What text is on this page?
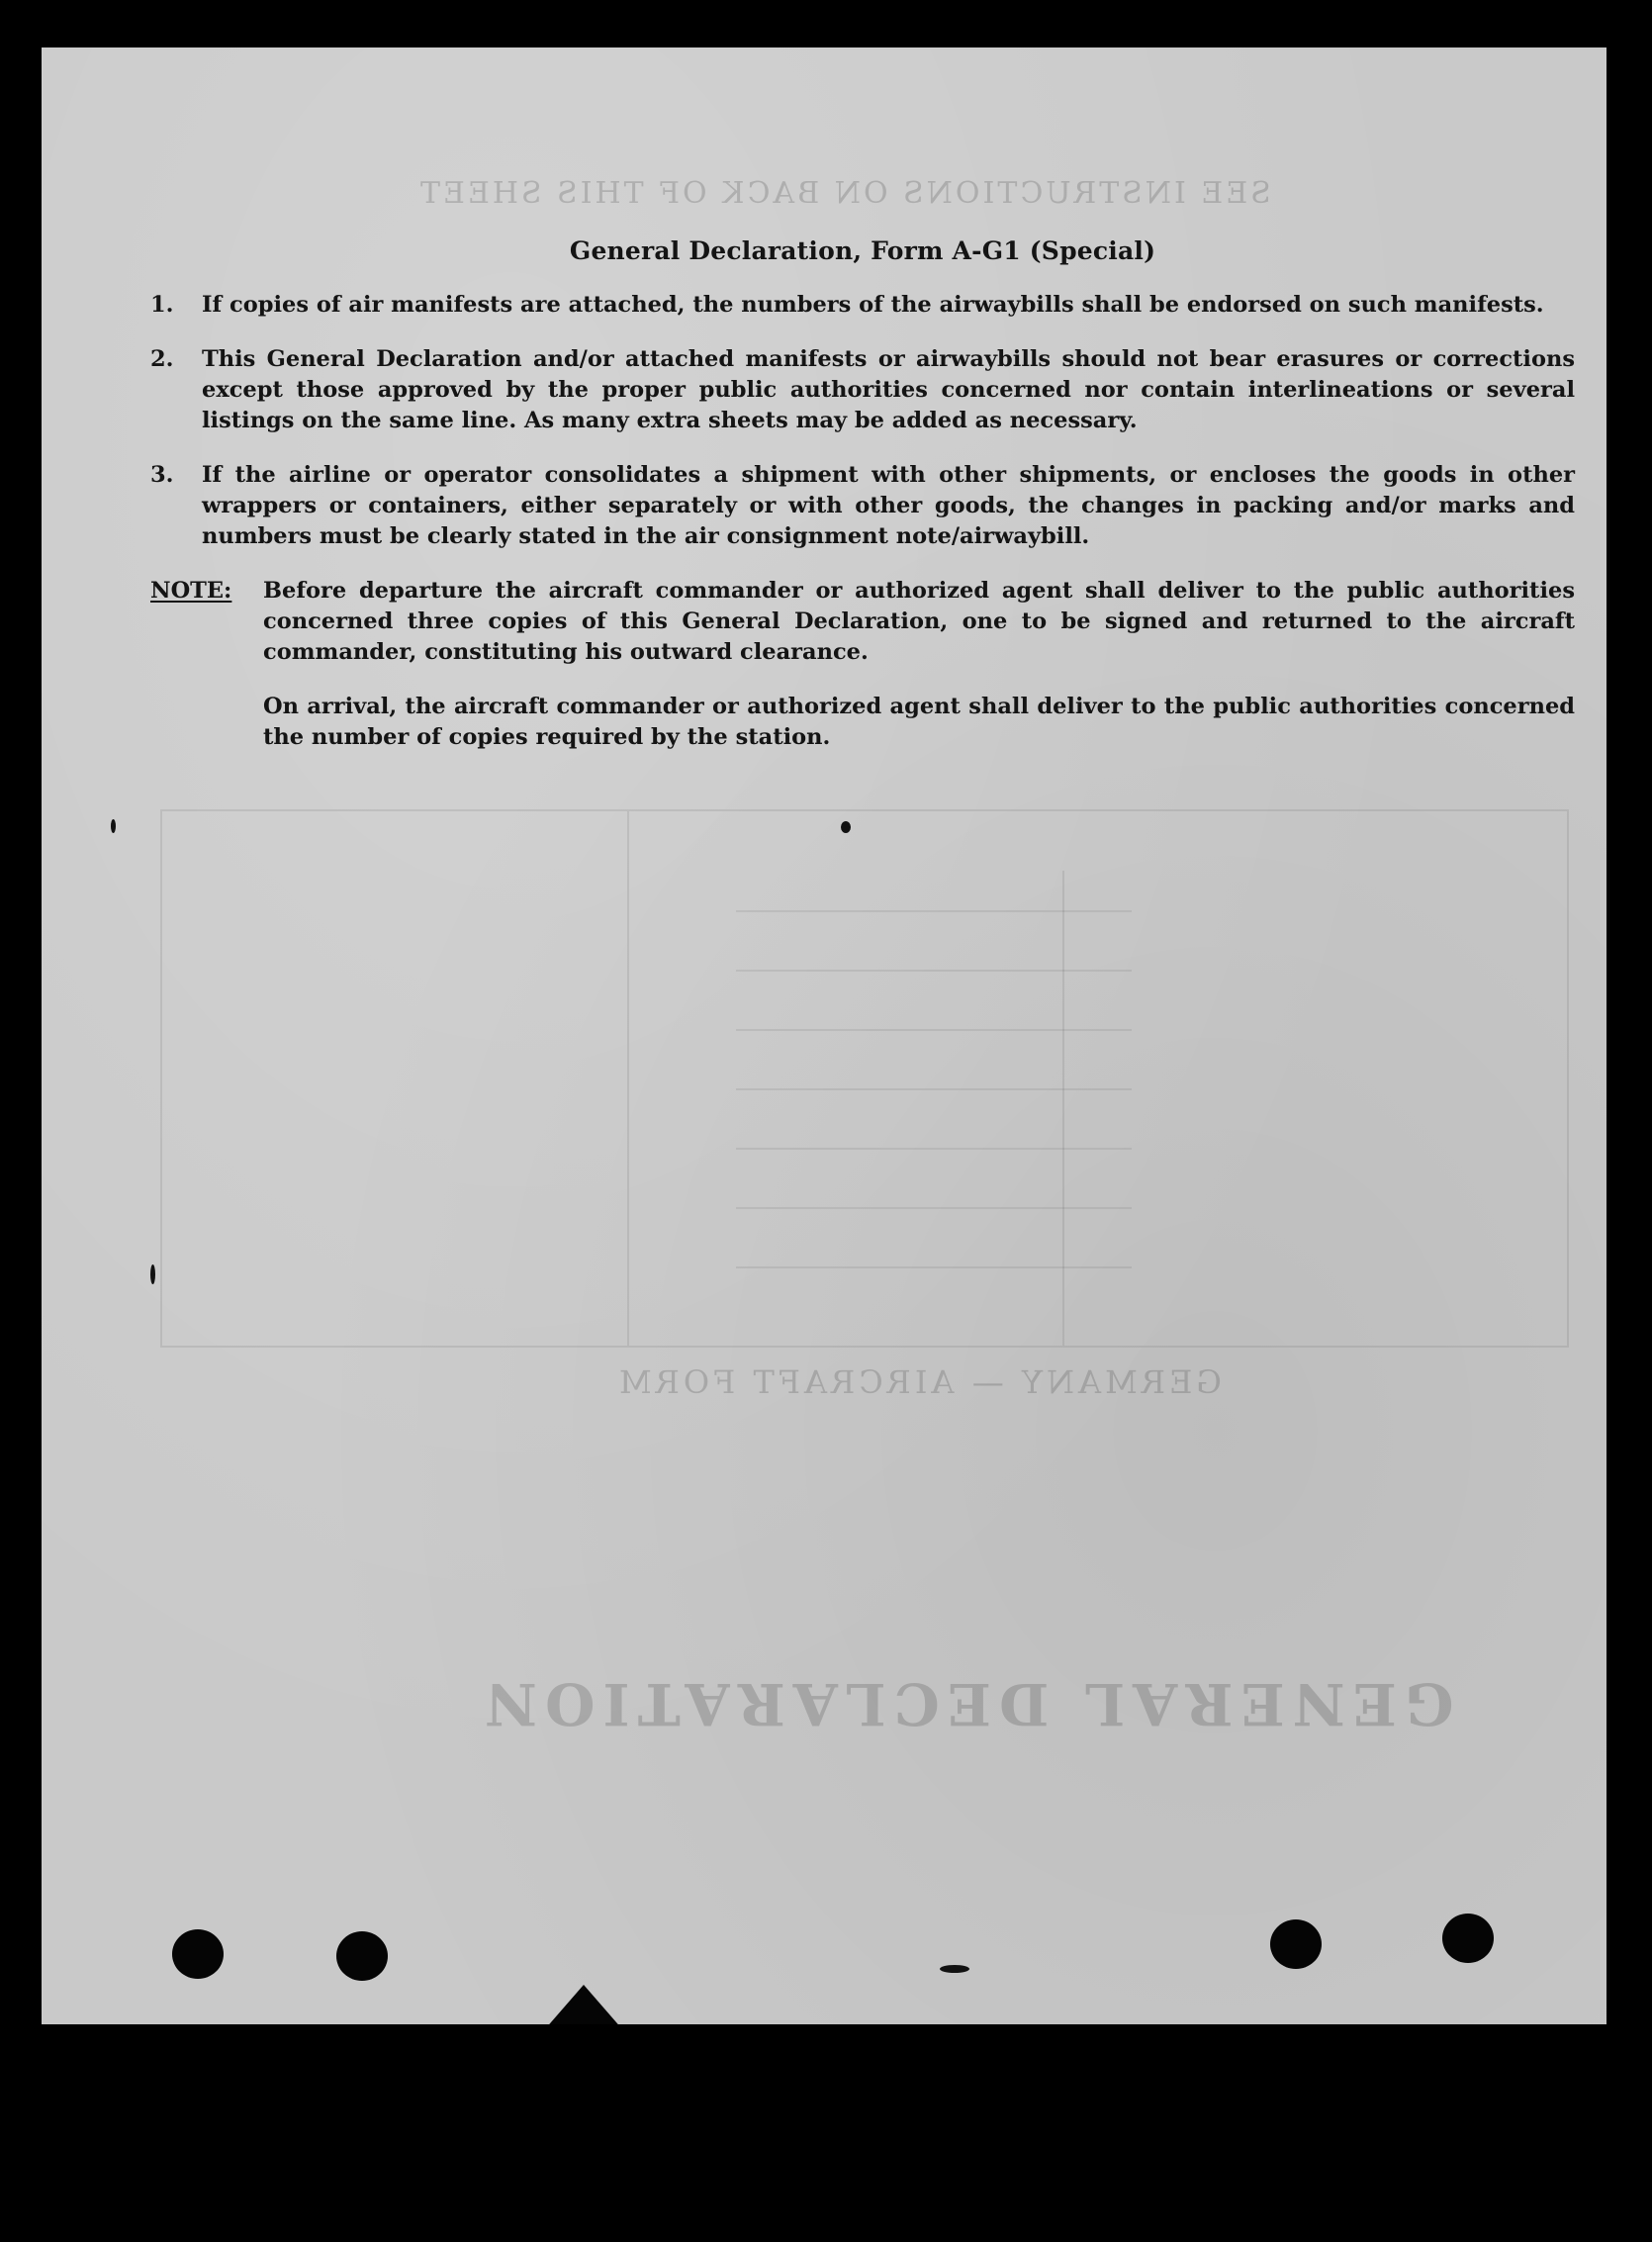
SEE INSTRUCTIONS ON BACK OF THIS SHEET
GERMANY — AIRCRAFT FORM
GENERAL DECLARATION
General Declaration, Form A-G1 (Special)
1. If copies of air manifests are attached, the numbers of the airwaybills shall be endorsed on such manifests.
2. This General Declaration and/or attached manifests or airwaybills should not bear erasures or corrections except those approved by the proper public authorities concerned nor contain interlineations or several listings on the same line. As many extra sheets may be added as necessary.
3. If the airline or operator consolidates a shipment with other shipments, or encloses the goods in other wrappers or containers, either separately or with other goods, the changes in packing and/or marks and numbers must be clearly stated in the air consignment note/airwaybill.
NOTE: Before departure the aircraft commander or authorized agent shall deliver to the public authorities concerned three copies of this General Declaration, one to be signed and returned to the aircraft commander, constituting his outward clearance.
On arrival, the aircraft commander or authorized agent shall deliver to the public authorities concerned the number of copies required by the station.
